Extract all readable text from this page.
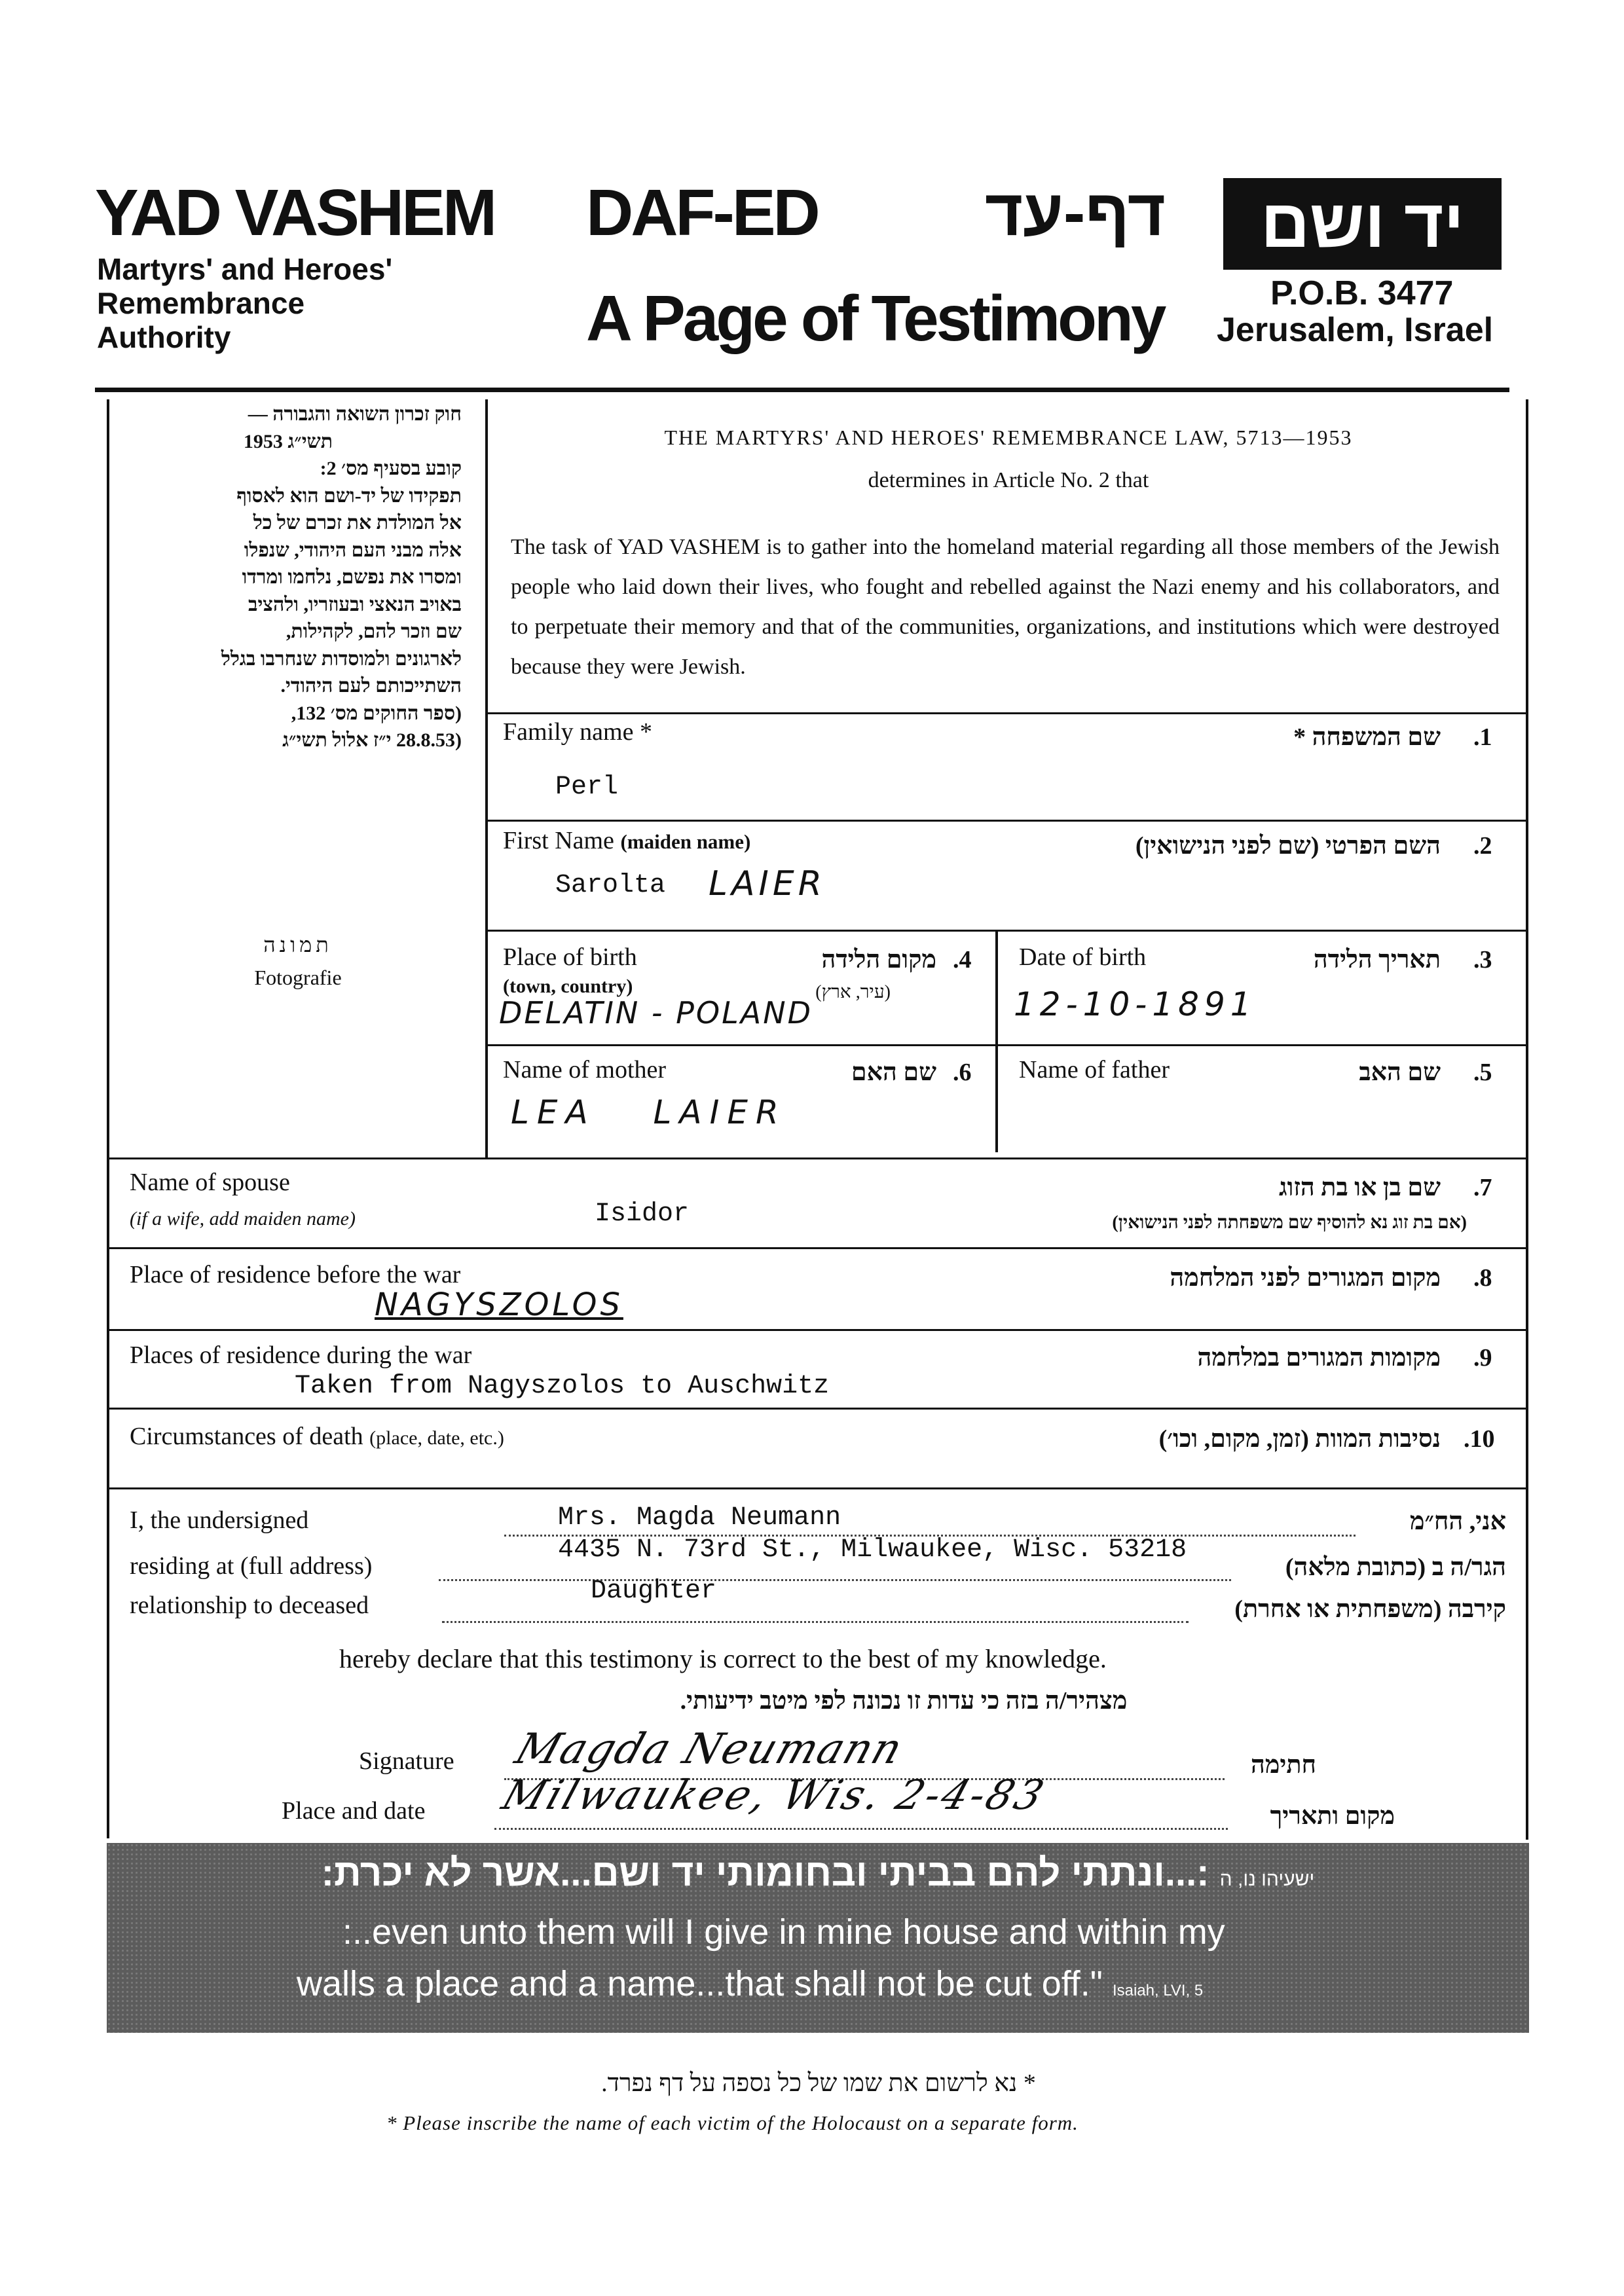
YAD VASHEM
Martyrs' and Heroes'
Remembrance
Authority
DAF-ED	דף-עד
A Page of Testimony
יד ושם
P.O.B. 3477
Jerusalem, Israel
חוק זכרון השואה והגבורה —
תשי״ג 1953
קובע בסעיף מס׳ 2:
תפקידו של יד-ושם הוא לאסוף
אל המולדת את זכרם של כל
אלה מבני העם היהודי, שנפלו
ומסרו את נפשם, נלחמו ומרדו
באויב הנאצי ובעוזריו, ולהציב
שם וזכר להם, לקהילות,
לארגונים ולמוסדות שנחרבו בגלל
השתייכותם לעם היהודי.
(ספר החוקים מס׳ 132,
(28.8.53 י״ז אלול תשי״ג
THE MARTYRS' AND HEROES' REMEMBRANCE LAW, 5713—1953
determines in Article No. 2 that
The task of YAD VASHEM is to gather into the homeland material regarding all those members of the Jewish people who laid down their lives, who fought and rebelled against the Nazi enemy and his collaborators, and to perpetuate their memory and that of the communities, organizations, and institutions which were destroyed because they were Jewish.
תמונה
Fotografie
Family name *	שם המשפחה * .1
Perl
First Name (maiden name)	השם הפרטי (שם לפני הנישואין) .2
Sarolta LAIER
Place of birth
(town, country)
מקום הלידה
(עיר, ארץ)
.4
DELATIN - POLAND
Date of birth	תאריך הלידה .3
12-10-1891
Name of mother	שם האם .6
LEA LAIER
Name of father	שם האב .5
Name of spouse
(if a wife, add maiden name)
שם בן או בת הזוג
(אם בת זוג נא להוסיף שם משפחתה לפני הנישואין)
.7
Isidor
Place of residence before the war	מקום המגורים לפני המלחמה .8
NAGYSZOLOS
Places of residence during the war	מקומות המגורים במלחמה .9
Taken from Nagyszolos to Auschwitz
Circumstances of death (place, date, etc.)	נסיבות המוות (זמן, מקום, וכו׳) .10
I, the undersigned	Mrs. Magda Neumann	אני, הח״מ
residing at (full address)
4435 N. 73rd St., Milwaukee, Wisc. 53218
הגר/ה ב (כתובת מלאה)
relationship to deceased	Daughter
קירבה (משפחתית או אחרת)
hereby declare that this testimony is correct to the best of my knowledge.
מצהיר/ה בזה כי עדות זו נכונה לפי מיטב ידיעותי.
Signature Magda Neumann	חתימה
Place and date Milwaukee, Wis. 2-4-83	מקום ותאריך
ישעיהו נו, ה :...ונתתי להם בביתי ובחומותי יד ושם...אשר לא יכרת:
:..even unto them will I give in mine house and within my
walls a place and a name...that shall not be cut off." Isaiah, LVI, 5
* נא לרשום את שמו של כל נספה על דף נפרד.
* Please inscribe the name of each victim of the Holocaust on a separate form.
